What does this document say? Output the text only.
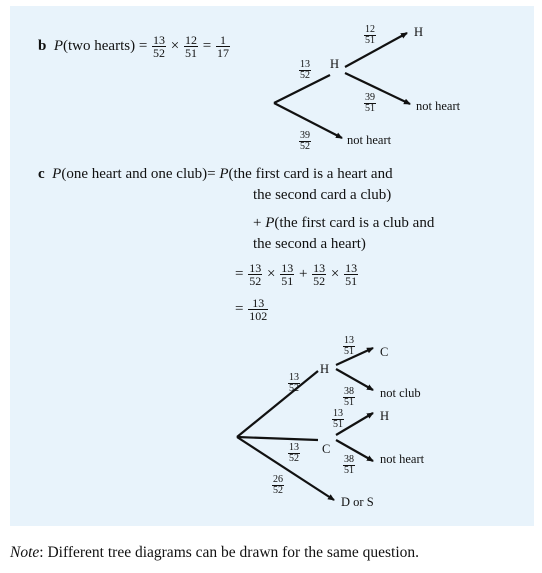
b P(two hearts) = $\frac{13}{52} \times \frac{12}{51} = \frac{1}{17}$
13
52
H
12
51
H
39
51	not heart
39
52	not heart
c P(one heart and one club)= P(the first card is a heart and
the second card a club)
+ P(the first card is a club and
the second a heart)
= $\frac{13}{52} \times \frac{13}{51} + \frac{13}{52} \times \frac{13}{51}$
= $\frac{13}{102}$
13
52
H
13
51 C
38
51
not club
13
51
H
13
52
C
38
51
not heart
26
52
D or S
Note: Different tree diagrams can be drawn for the same question.
